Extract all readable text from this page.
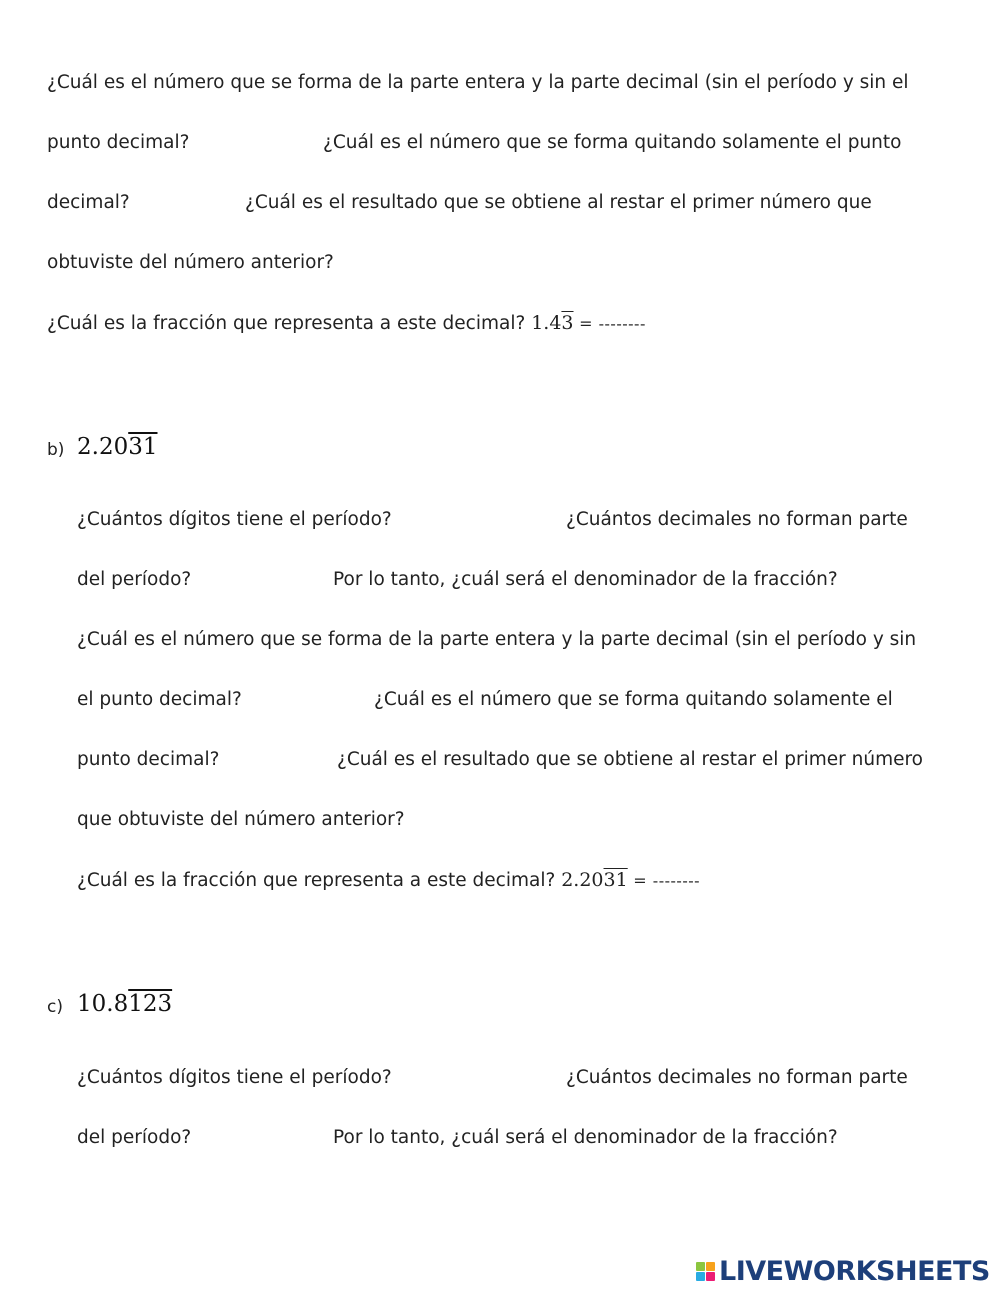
¿Cuál es el número que se forma de la parte entera y la parte decimal (sin el período y sin el
punto decimal?	¿Cuál es el número que se forma quitando solamente el punto
decimal?	¿Cuál es el resultado que se obtiene al restar el primer número que
obtuviste del número anterior?
¿Cuál es la fracción que representa a este decimal? 1.43 = --------
b) 2.2031
¿Cuántos dígitos tiene el período?	¿Cuántos decimales no forman parte
del período?	Por lo tanto, ¿cuál será el denominador de la fracción?
¿Cuál es el número que se forma de la parte entera y la parte decimal (sin el período y sin
el punto decimal?	¿Cuál es el número que se forma quitando solamente el
punto decimal?	¿Cuál es el resultado que se obtiene al restar el primer número
que obtuviste del número anterior?
¿Cuál es la fracción que representa a este decimal? 2.2031 = --------
c) 10.8123
¿Cuántos dígitos tiene el período?	¿Cuántos decimales no forman parte
del período?	Por lo tanto, ¿cuál será el denominador de la fracción?
LIVEWORKSHEETS
